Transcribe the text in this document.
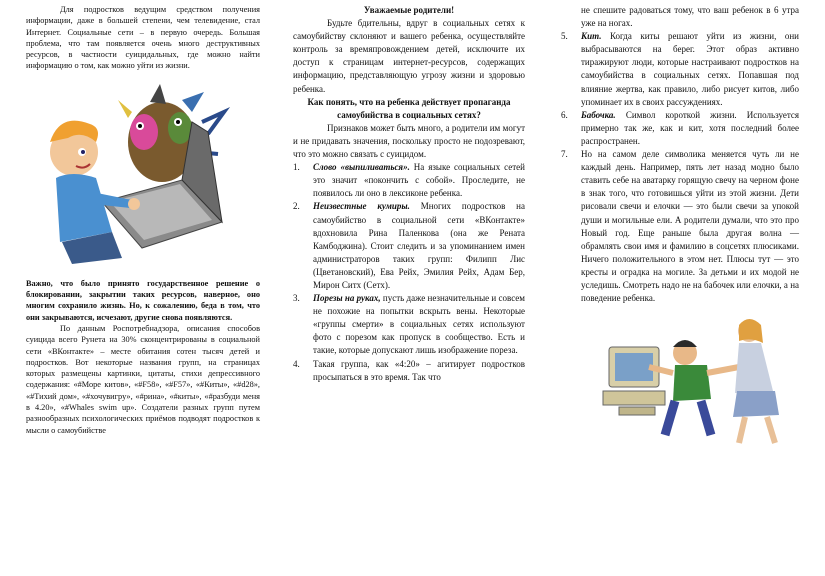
Для подростков ведущим средством получения информации, даже в большей степени, чем телевидение, стал Интернет. Социальные сети – в первую очередь. Большая проблема, что там появляется очень много деструктивных ресурсов, в частности суицидальных, где можно найти информацию о том, как можно уйти из жизни.

Важно, что было принято государственное решение о блокировании, закрытии таких ресурсов, наверное, оно многим сохранило жизнь. Но, к сожалению, беда в том, что они закрываются, исчезают, другие снова появляются.

По данным Роспотребнадзора, описания способов суицида всего Рунета на 30% сконцентрированы в социальной сети «ВКонтакте» – месте обитания сотен тысяч детей и подростков. Вот некоторые названия групп, на страницах которых размещены картинки, цитаты, стихи депрессивного содержания: «#Море китов», «#F58», «#F57», «#Киты», «#d28», «#Тихий дом», «#хочувигру», «#рина», «#киты», «#разбуди меня в 4.20», «#Whales swim up». Создатели разных групп путем разнообразных психологических приёмов подводят подростков к мысли о самоубийстве

Уважаемые родители!

Будьте бдительны, вдруг в социальных сетях к самоубийству склоняют и вашего ребенка, осуществляйте контроль за времяпровождением детей, исключите их доступ к страницам интернет-ресурсов, содержащих информацию, представляющую угрозу жизни и здоровью ребенка.

Как понять, что на ребенка действует пропаганда самоубийства в социальных сетях?

Признаков может быть много, а родители им могут и не придавать значения, поскольку просто не подозревают, что это можно связать с суицидом.

1. Слово «выпиливаться». На языке социальных сетей это значит «покончить с собой». Проследите, не появилось ли оно в лексиконе ребенка.
2. Неизвестные кумиры. Многих подростков на самоубийство в социальной сети «ВКонтакте» вдохновила Рина Паленкова (она же Рената Камбоджина). Стоит следить и за упоминанием имен администраторов таких групп: Филипп Лис (Цветановский), Ева Рейх, Эмилия Рейх, Адам Бер, Мирон Ситх (Сетх).
3. Порезы на руках, пусть даже незначительные и совсем не похожие на попытки вскрыть вены. Некоторые «группы смерти» в социальных сетях используют фото с порезом как пропуск в сообщество. Есть и такие, которые допускают лишь изображение пореза.
4. Такая группа, как «4:20» – агитирует подростков просыпаться в это время. Так что

не спешите радоваться тому, что ваш ребенок в 6 утра уже на ногах.

5. Кит. Когда киты решают уйти из жизни, они выбрасываются на берег. Этот образ активно тиражируют люди, которые настраивают подростков на самоубийства в социальных сетях. Попавшая под влияние жертва, как правило, либо рисует китов, либо упоминает их в своих рассуждениях.
6. Бабочка. Символ короткой жизни. Используется примерно так же, как и кит, хотя последний более распространен.
7. Но на самом деле символика меняется чуть ли не каждый день. Например, пять лет назад модно было ставить себе на аватарку горящую свечу на черном фоне в знак того, что готовишься уйти из этой жизни. Дети рисовали свечи и елочки — это были свечи за упокой души и могильные ели. А родители думали, что это про Новый год. Еще раньше была другая волна — обрамлять свои имя и фамилию в соцсетях плюсиками. Ничего положительного в этом нет. Плюсы тут — это кресты и оградка на могиле. За детьми и их модой не уследишь. Смотреть надо не на бабочек или елочки, а на поведение ребенка.
